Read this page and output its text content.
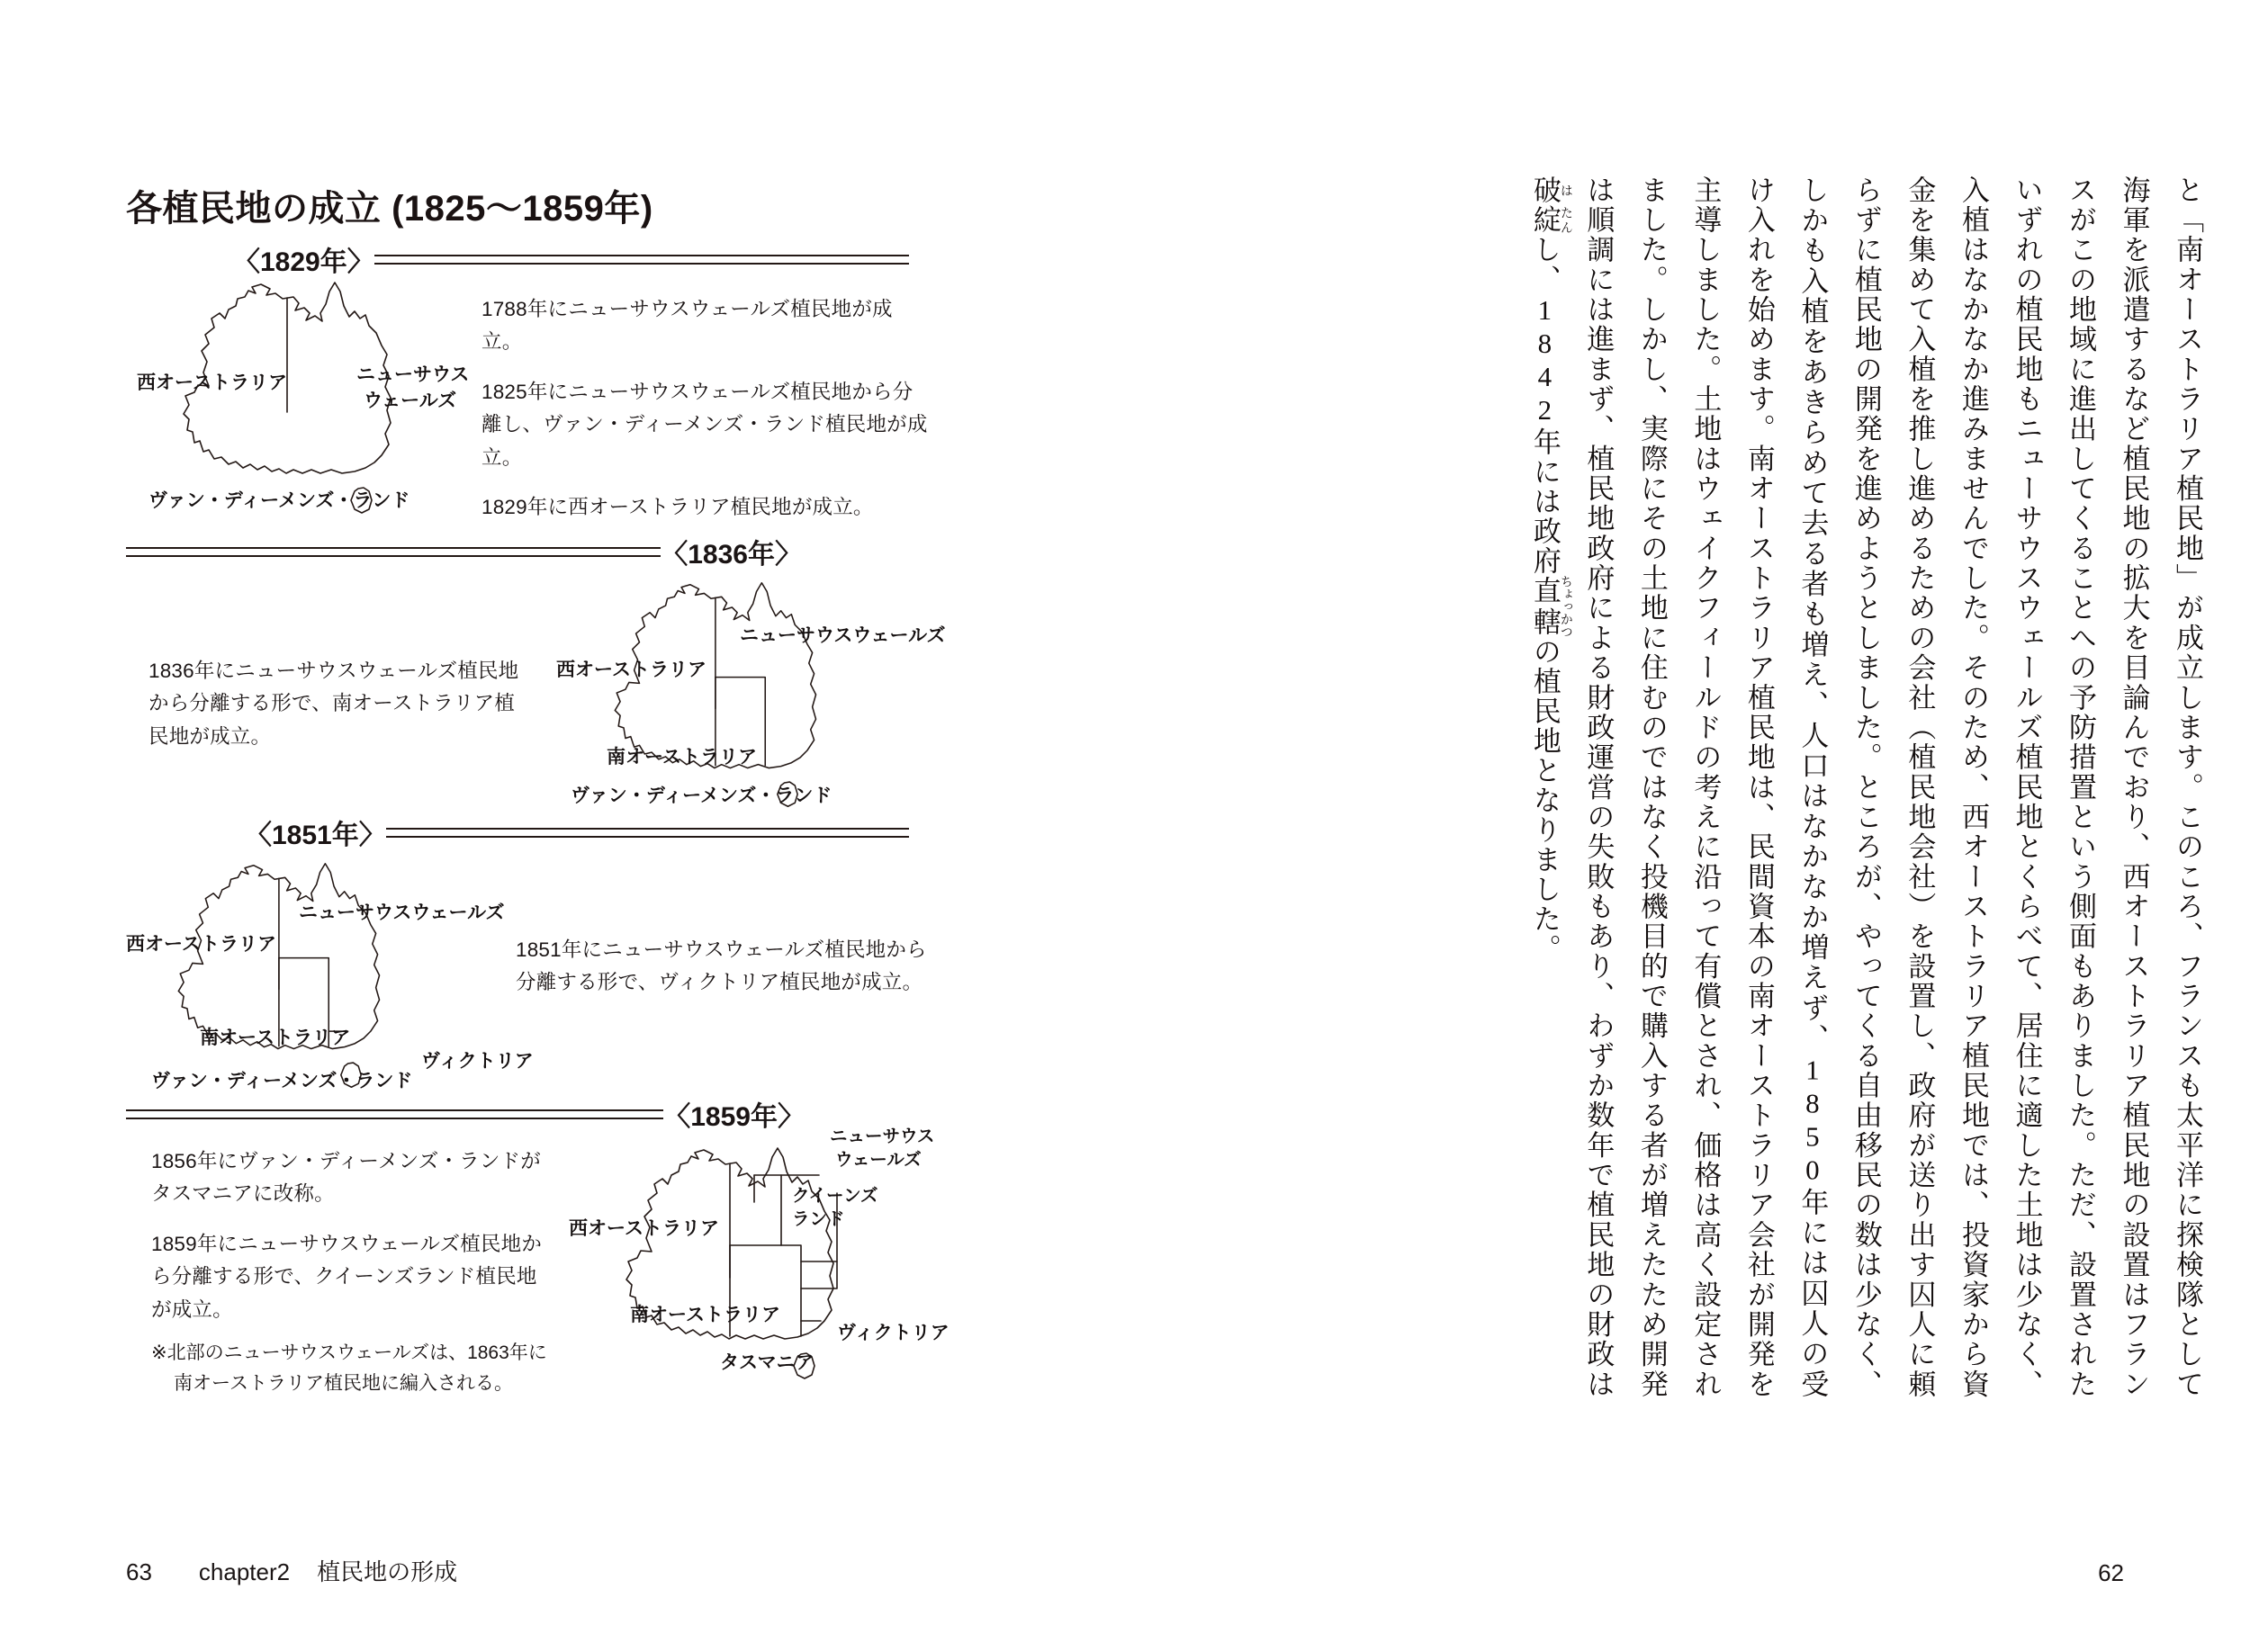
各植民地の成立 (1825〜1859年)
〈1829年〉
西オーストラリア	ニューサウス
ウェールズ
ヴァン・ディーメンズ・ランド

1788年にニューサウスウェールズ植民地が成立。

1825年にニューサウスウェールズ植民地から分離し、ヴァン・ディーメンズ・ランド植民地が成立。

1829年に西オーストラリア植民地が成立。

〈1836年〉
西オーストラリア
ニューサウスウェールズ
南オーストラリア
ヴァン・ディーメンズ・ランド

1836年にニューサウスウェールズ植民地から分離する形で、南オーストラリア植民地が成立。

〈1851年〉
西オーストラリア
ニューサウスウェールズ
南オーストラリア
ヴィクトリア
ヴァン・ディーメンズ・ランド

1851年にニューサウスウェールズ植民地から分離する形で、ヴィクトリア植民地が成立。

〈1859年〉
西オーストラリア
ニューサウス
ウェールズ
クイーンズ
ランド
南オーストラリア
ヴィクトリア
タスマニア

1856年にヴァン・ディーメンズ・ランドがタスマニアに改称。

1859年にニューサウスウェールズ植民地から分離する形で、クイーンズランド植民地が成立。

※北部のニューサウスウェールズは、1863年に
南オーストラリア植民地に編入される。
63 chapter2 植民地の形成
と「南オーストラリア植民地」が成立します。このころ、フランスも太平洋に探検隊として海軍を派遣するなど植民地の拡大を目論んでおり、西オーストラリア植民地の設置はフランスがこの地域に進出してくることへの予防措置という側面もありました。ただ、設置されたいずれの植民地もニューサウスウェールズ植民地とくらべて、居住に適した土地は少なく、入植はなかなか進みませんでした。そのため、西オーストラリア植民地では、投資家から資金を集めて入植を推し進めるための会社（植民地会社）を設置し、政府が送り出す囚人に頼らずに植民地の開発を進めようとしました。ところが、やってくる自由移民の数は少なく、しかも入植をあきらめて去る者も増え、人口はなかなか増えず、1850年には囚人の受け入れを始めます。南オーストラリア植民地は、民間資本の南オーストラリア会社が開発を主導しました。土地はウェイクフィールドの考えに沿って有償とされ、価格は高く設定されました。しかし、実際にその土地に住むのではなく投機目的で購入する者が増えたため開発は順調には進まず、植民地政府による財政運営の失敗もあり、わずか数年で植民地の財政は破は綻たんし、1842年には政府直轄ちょっかつの植民地となりました。
62
